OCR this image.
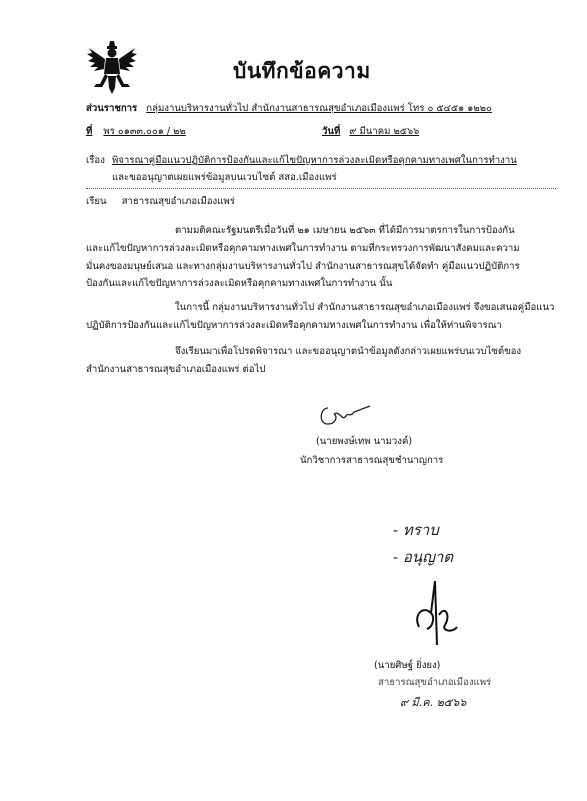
บันทึกข้อความ
ส่วนราชการ กลุ่มงานบริหารงานทั่วไป สำนักงานสาธารณสุขอำเภอเมืองแพร่ โทร ๐ ๕๔๕๑ ๑๒๒๐
ที่ พร ๐๑๓๓.๐๐๑ / ๒๒	วันที่ ๙ มีนาคม ๒๕๖๖
เรื่อง พิจารณาคู่มือแนวปฏิบัติการป้องกันและแก้ไขปัญหาการล่วงละเมิดหรือคุกคามทางเพศในการทำงาน
และขออนุญาตเผยแพร่ข้อมูลบนเวบไซต์ สสอ.เมืองแพร่
เรียน สาธารณสุขอำเภอเมืองแพร่
ตามมติคณะรัฐมนตรีเมื่อวันที่ ๒๑ เมษายน ๒๕๖๓ ที่ได้มีการมาตรการในการป้องกัน
และแก้ไขปัญหาการล่วงละเมิดหรือคุกคามทางเพศในการทำงาน ตามที่กระทรวงการพัฒนาสังคมและความ
มั่นคงของมนุษย์เสนอ และทางกลุ่มงานบริหารงานทั่วไป สำนักงานสาธารณสุขได้จัดทำ คู่มือแนวปฏิบัติการ
ป้องกันและแก้ไขปัญหาการล่วงละเมิดหรือคุกคามทางเพศในการทำงาน นั้น
ในการนี้ กลุ่มงานบริหารงานทั่วไป สำนักงานสาธารณสุขอำเภอเมืองแพร่ จึงขอเสนอคู่มือแนว
ปฏิบัติการป้องกันและแก้ไขปัญหาการล่วงละเมิดหรือคุกคามทางเพศในการทำงาน เพื่อให้ท่านพิจารณา
จึงเรียนมาเพื่อโปรดพิจารณา และขออนุญาตนำข้อมูลดังกล่าวเผยแพร่บนเวบไซต์ของ
สำนักงานสาธารณสุขอำเภอเมืองแพร่ ต่อไป
(นายพงษ์เทพ นามวงค์)
นักวิชาการสาธารณสุขชำนาญการ
- ทราบ
- อนุญาต
(นายศิษฐ์ ยิ่งยง)
สาธารณสุขอำเภอเมืองแพร่
๙ มี.ค. ๒๕๖๖
